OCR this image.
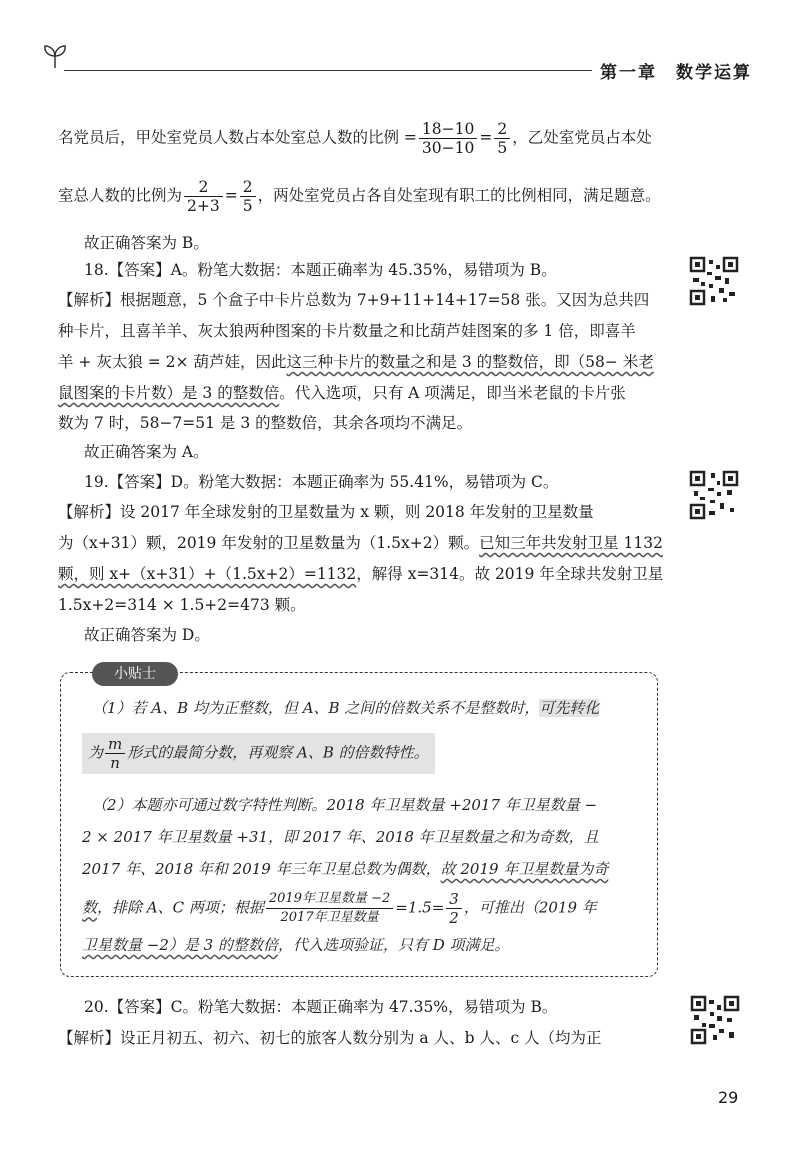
第一章　数学运算
名党员后，甲处室党员人数占本处室总人数的比例 = $\frac{18-10}{30-10} = \frac{2}{5}$ ，乙处室党员占本处
室总人数的比例为 $\frac{2}{2+3} = \frac{2}{5}$ ，两处室党员占各自处室现有职工的比例相同，满足题意。
故正确答案为 B。
18.【答案】A。粉笔大数据：本题正确率为 45.35%，易错项为 B。
【解析】根据题意，5 个盒子中卡片总数为 7+9+11+14+17=58 张。又因为总共四
种卡片，且喜羊羊、灰太狼两种图案的卡片数量之和比葫芦娃图案的多 1 倍，即喜羊
羊 + 灰太狼 = 2× 葫芦娃，因此这三种卡片的数量之和是 3 的整数倍，即（58− 米老
鼠图案的卡片数）是 3 的整数倍。代入选项，只有 A 项满足，即当米老鼠的卡片张
数为 7 时，58−7=51 是 3 的整数倍，其余各项均不满足。
故正确答案为 A。
19.【答案】D。粉笔大数据：本题正确率为 55.41%，易错项为 C。
【解析】设 2017 年全球发射的卫星数量为 x 颗，则 2018 年发射的卫星数量
为（x+31）颗，2019 年发射的卫星数量为（1.5x+2）颗。已知三年共发射卫星 1132
颗，则 x+（x+31）+（1.5x+2）=1132，解得 x=314。故 2019 年全球共发射卫星
1.5x+2=314 × 1.5+2=473 颗。
故正确答案为 D。
小贴士
（1）若 A、B 均为正整数，但 A、B 之间的倍数关系不是整数时，可先转化
为 $\frac{m}{n}$ 形式的最简分数，再观察 A、B 的倍数特性。
（2）本题亦可通过数字特性判断。2018 年卫星数量 +2017 年卫星数量 −
2 × 2017 年卫星数量 +31，即 2017 年、2018 年卫星数量之和为奇数，且
2017 年、2018 年和 2019 年三年卫星总数为偶数，故 2019 年卫星数量为奇
数，排除 A、C 两项；根据 $\frac{\text{2019年卫星数量 −2}}{\text{2017年卫星数量}} =1.5= \frac{3}{2}$ ，可推出（2019 年
卫星数量 −2）是 3 的整数倍，代入选项验证，只有 D 项满足。
20.【答案】C。粉笔大数据：本题正确率为 47.35%，易错项为 B。
【解析】设正月初五、初六、初七的旅客人数分别为 a 人、b 人、c 人（均为正
29
